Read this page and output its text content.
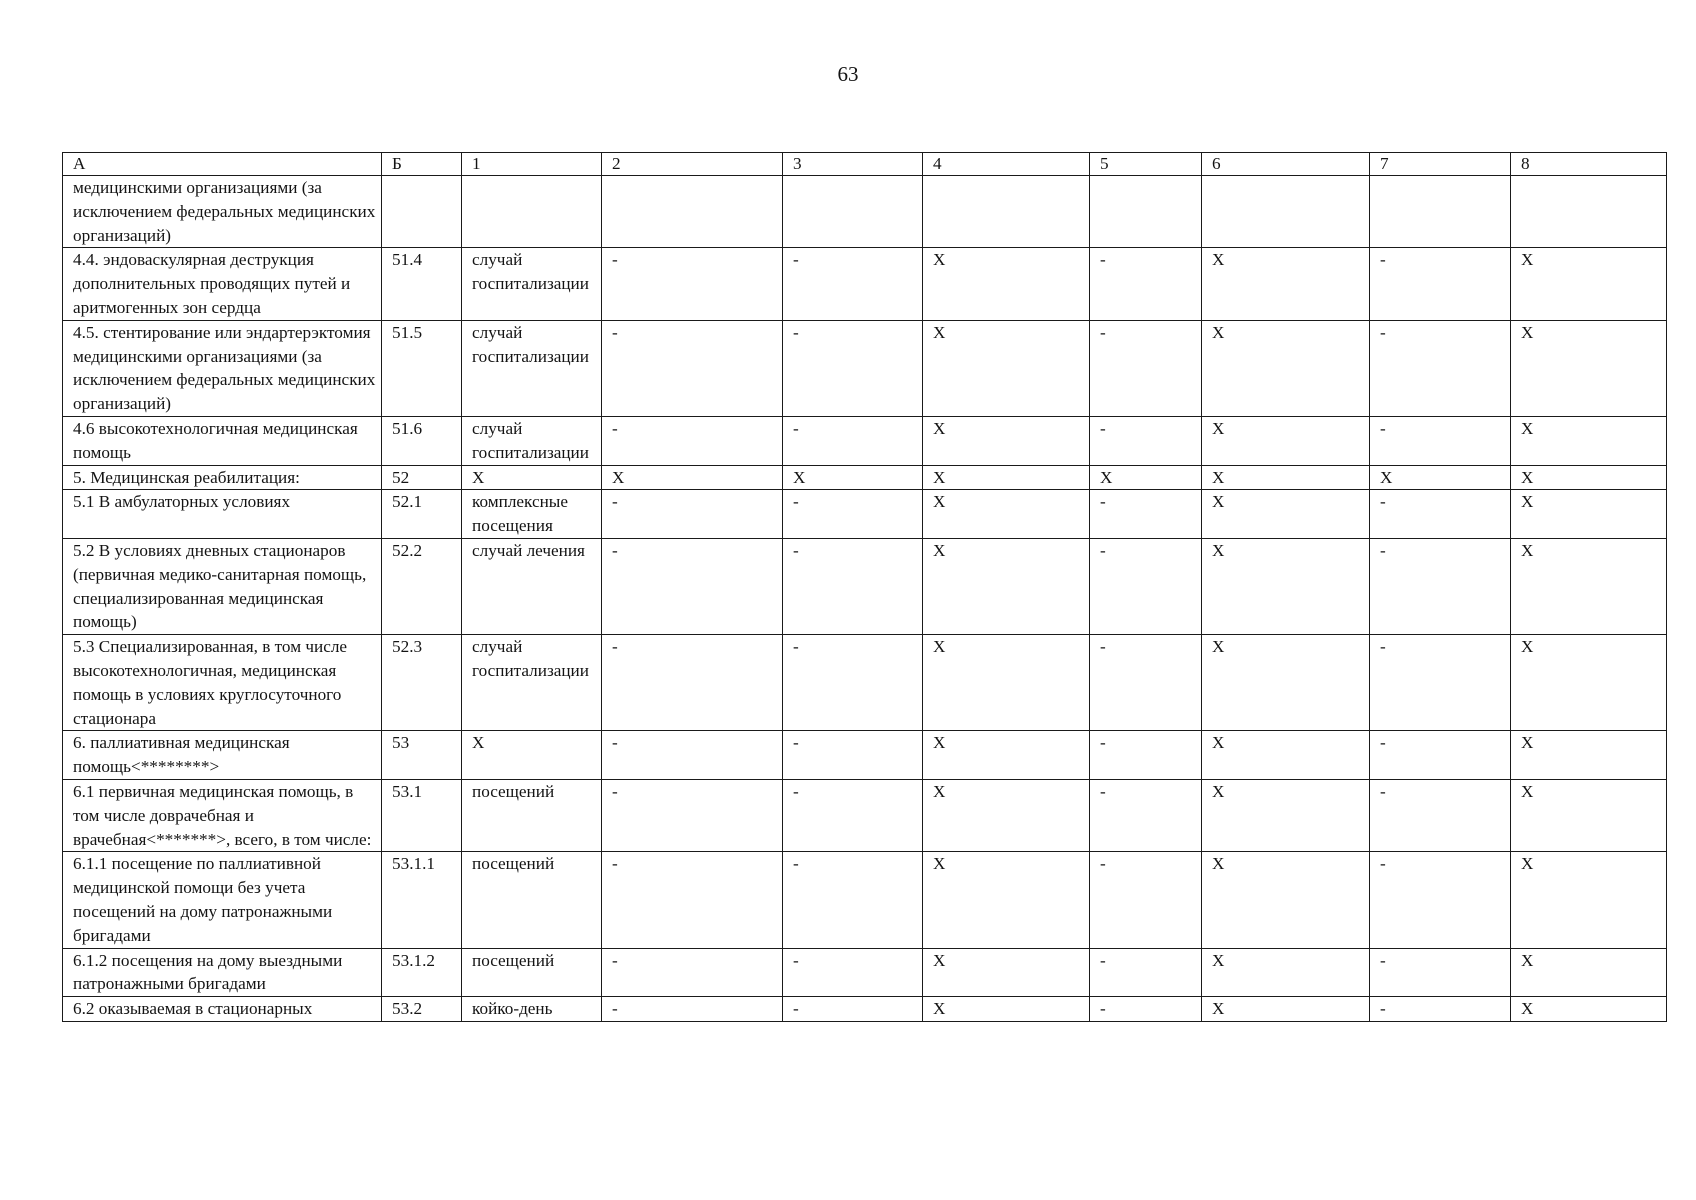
63
А	Б	1	2	3	4	5	6	7	8
медицинскими организациями (за исключением федеральных медицинских организаций)									
4.4. эндоваскулярная деструкция дополнительных проводящих путей и аритмогенных зон сердца	51.4	случай госпитализации	-	-	X	-	X	-	X
4.5. стентирование или эндартерэктомия медицинскими организациями (за исключением федеральных медицинских организаций)	51.5	случай госпитализации	-	-	X	-	X	-	X
4.6 высокотехнологичная медицинская помощь	51.6	случай госпитализации	-	-	X	-	X	-	X
5. Медицинская реабилитация:	52	X	X	X	X	X	X	X	X
5.1 В амбулаторных условиях	52.1	комплексные посещения	-	-	X	-	X	-	X
5.2 В условиях дневных стационаров (первичная медико-санитарная помощь, специализированная медицинская помощь)	52.2	случай лечения	-	-	X	-	X	-	X
5.3 Специализированная, в том числе высокотехнологичная, медицинская помощь в условиях круглосуточного стационара	52.3	случай госпитализации	-	-	X	-	X	-	X
6. паллиативная медицинская помощь<********>	53	X	-	-	X	-	X	-	X
6.1 первичная медицинская помощь, в том числе доврачебная и врачебная<*******>, всего, в том числе:	53.1	посещений	-	-	X	-	X	-	X
6.1.1 посещение по паллиативной медицинской помощи без учета посещений на дому патронажными бригадами	53.1.1	посещений	-	-	X	-	X	-	X
6.1.2 посещения на дому выездными патронажными бригадами	53.1.2	посещений	-	-	X	-	X	-	X
6.2 оказываемая в стационарных	53.2	койко-день	-	-	X	-	X	-	X
